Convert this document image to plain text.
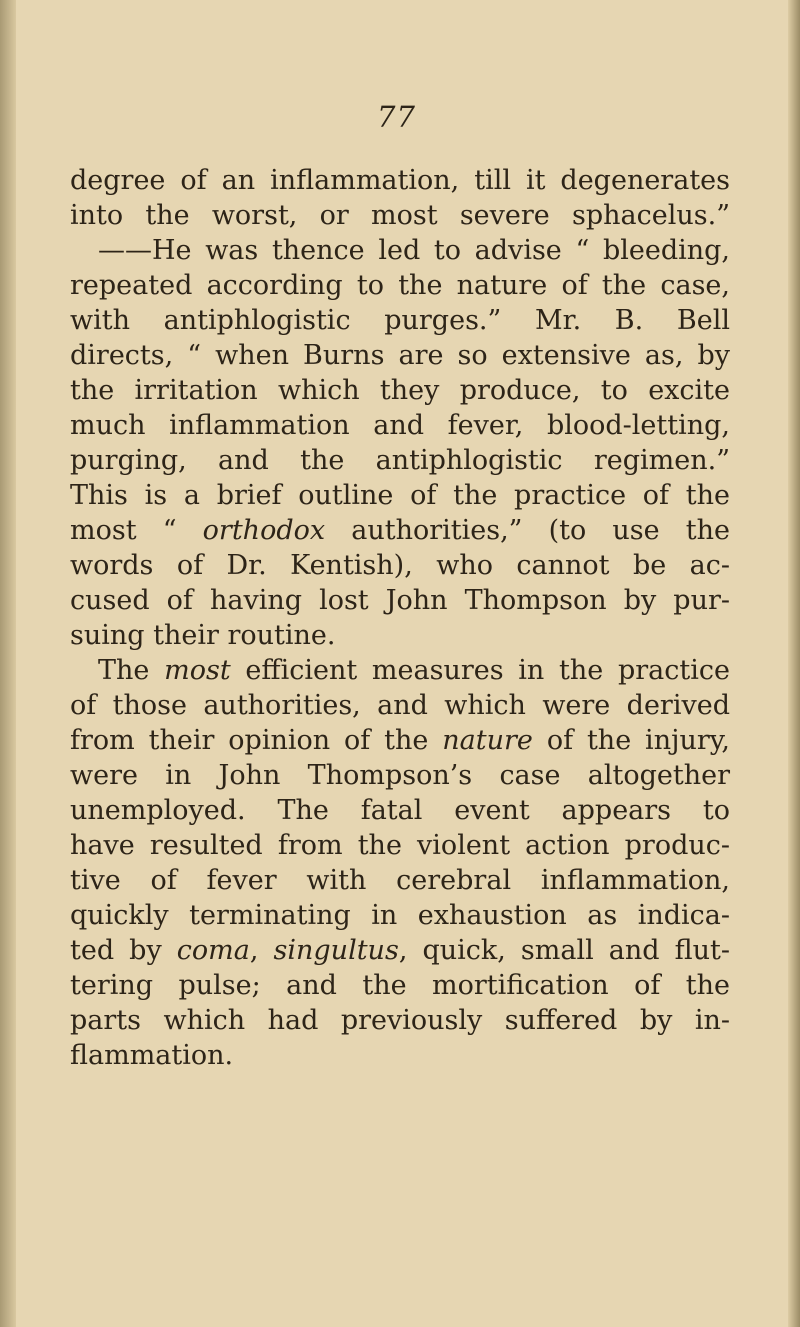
77
degree of an inflammation, till it degenerates
into the worst, or most severe sphacelus.”
——He was thence led to advise “ bleeding,
repeated according to the nature of the case,
with antiphlogistic purges.” Mr. B. Bell
directs, “ when Burns are so extensive as, by
the irritation which they produce, to excite
much inflammation and fever, blood-letting,
purging, and the antiphlogistic regimen.”
This is a brief outline of the practice of the
most “ orthodox authorities,” (to use the
words of Dr. Kentish), who cannot be ac-
cused of having lost John Thompson by pur-
suing their routine.
The most efficient measures in the practice
of those authorities, and which were derived
from their opinion of the nature of the injury,
were in John Thompson’s case altogether
unemployed. The fatal event appears to
have resulted from the violent action produc-
tive of fever with cerebral inflammation,
quickly terminating in exhaustion as indica-
ted by coma, singultus, quick, small and flut-
tering pulse; and the mortification of the
parts which had previously suffered by in-
flammation.
